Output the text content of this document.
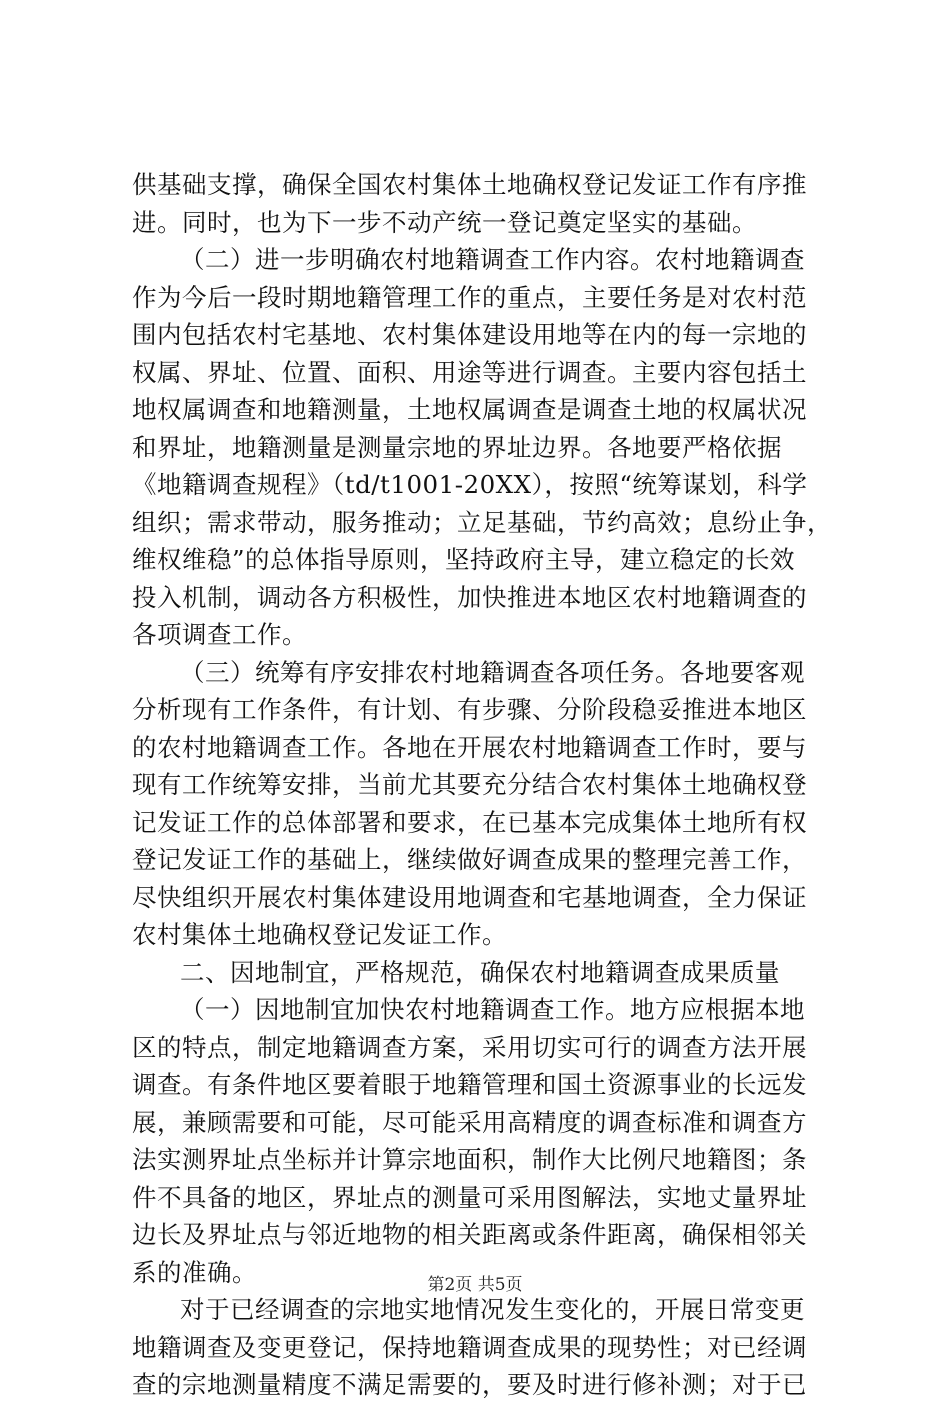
供基础支撑，确保全国农村集体土地确权登记发证工作有序推
进。同时，也为下一步不动产统一登记奠定坚实的基础。
（二）进一步明确农村地籍调查工作内容。农村地籍调查
作为今后一段时期地籍管理工作的重点，主要任务是对农村范
围内包括农村宅基地、农村集体建设用地等在内的每一宗地的
权属、界址、位置、面积、用途等进行调查。主要内容包括土
地权属调查和地籍测量，土地权属调查是调查土地的权属状况
和界址，地籍测量是测量宗地的界址边界。各地要严格依据
《地籍调查规程》（td/t1001-20XX），按照“统筹谋划，科学
组织；需求带动，服务推动；立足基础，节约高效；息纷止争，
维权维稳”的总体指导原则，坚持政府主导，建立稳定的长效
投入机制，调动各方积极性，加快推进本地区农村地籍调查的
各项调查工作。
（三）统筹有序安排农村地籍调查各项任务。各地要客观
分析现有工作条件，有计划、有步骤、分阶段稳妥推进本地区
的农村地籍调查工作。各地在开展农村地籍调查工作时，要与
现有工作统筹安排，当前尤其要充分结合农村集体土地确权登
记发证工作的总体部署和要求，在已基本完成集体土地所有权
登记发证工作的基础上，继续做好调查成果的整理完善工作，
尽快组织开展农村集体建设用地调查和宅基地调查，全力保证
农村集体土地确权登记发证工作。
二、因地制宜，严格规范，确保农村地籍调查成果质量
（一）因地制宜加快农村地籍调查工作。地方应根据本地
区的特点，制定地籍调查方案，采用切实可行的调查方法开展
调查。有条件地区要着眼于地籍管理和国土资源事业的长远发
展，兼顾需要和可能，尽可能采用高精度的调查标准和调查方
法实测界址点坐标并计算宗地面积，制作大比例尺地籍图；条
件不具备的地区，界址点的测量可采用图解法，实地丈量界址
边长及界址点与邻近地物的相关距离或条件距离，确保相邻关
系的准确。
对于已经调查的宗地实地情况发生变化的，开展日常变更
地籍调查及变更登记，保持地籍调查成果的现势性；对已经调
查的宗地测量精度不满足需要的，要及时进行修补测；对于已
第2页 共5页
